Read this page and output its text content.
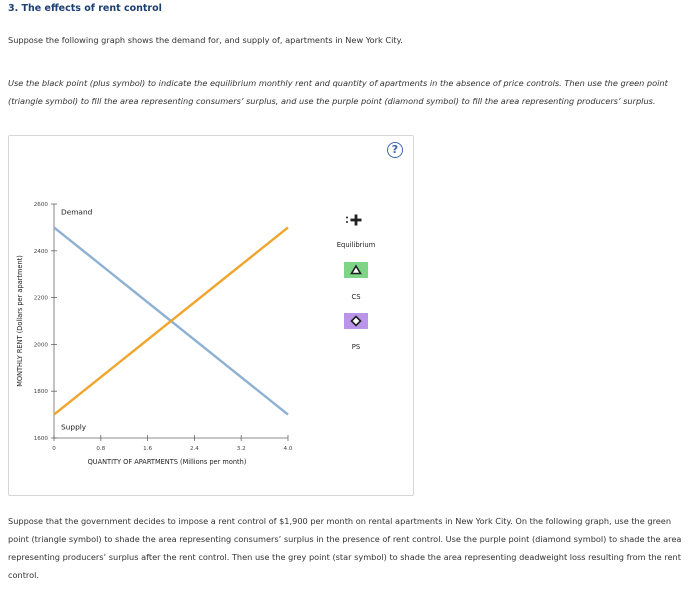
3. The effects of rent control
Suppose the following graph shows the demand for, and supply of, apartments in New York City.
Use the black point (plus symbol) to indicate the equilibrium monthly rent and quantity of apartments in the absence of price controls. Then use the green point (triangle symbol) to fill the area representing consumers’ surplus, and use the purple point (diamond symbol) to fill the area representing producers’ surplus.
?
1600
1800
2000
2200
2400
2600
0	0.8	1.6	2.4	3.2	4.0
QUANTITY OF APARTMENTS (Millions per month)
MONTHLY RENT (Dollars per apartment)
Demand
Supply
Equilibrium
CS
PS
Suppose that the government decides to impose a rent control of $1,900 per month on rental apartments in New York City. On the following graph, use the green point (triangle symbol) to shade the area representing consumers’ surplus in the presence of rent control. Use the purple point (diamond symbol) to shade the area representing producers’ surplus after the rent control. Then use the grey point (star symbol) to shade the area representing deadweight loss resulting from the rent control.
